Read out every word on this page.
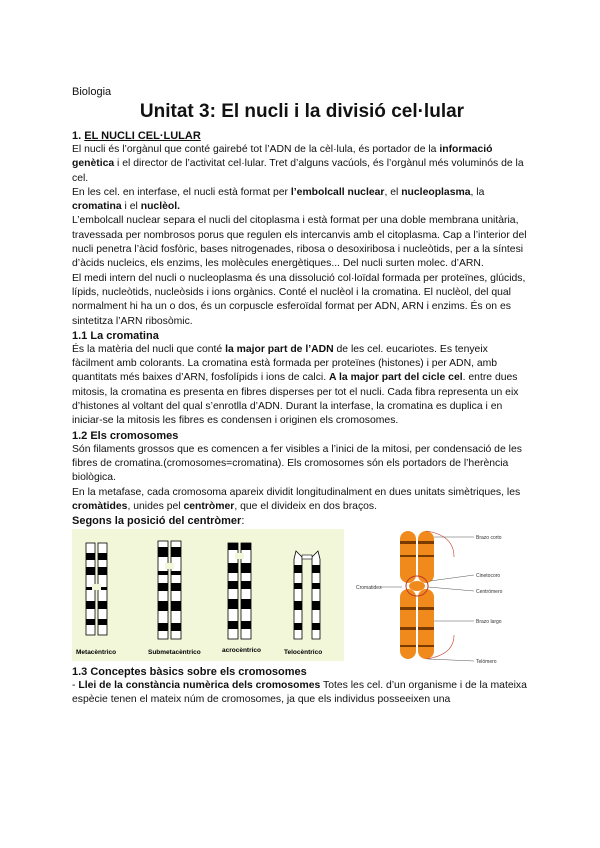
Biologia
Unitat 3: El nucli i la divisió cel·lular
1. EL NUCLI CEL·LULAR

El nucli és l’orgànul que conté gairebé tot l’ADN de la cèl·lula, és portador de la informació genètica i el director de l’activitat cel·lular. Tret d’alguns vacúols, és l’orgànul més voluminós de la cel.

En les cel. en interfase, el nucli està format per l’embolcall nuclear, el nucleoplasma, la cromatina i el nuclèol.

L’embolcall nuclear separa el nucli del citoplasma i està format per una doble membrana unitària, travessada per nombrosos porus que regulen els intercanvis amb el citoplasma. Cap a l’interior del nucli penetra l’àcid fosfòric, bases nitrogenades, ribosa o desoxiribosa i nucleòtids, per a la síntesi d’àcids nucleics, els enzims, les molècules energètiques... Del nucli surten molec. d’ARN.

El medi intern del nucli o nucleoplasma és una dissolució col·loïdal formada per proteïnes, glúcids, lípids, nucleòtids, nucleòsids i ions orgànics. Conté el nuclèol i la cromatina. El nuclèol, del qual normalment hi ha un o dos, és un corpuscle esferoïdal format per ADN, ARN i enzims. És on es sintetitza l’ARN ribosòmic.

1.1 La cromatina

És la matèria del nucli que conté la major part de l’ADN de les cel. eucariotes. Es tenyeix fàcilment amb colorants. La cromatina està formada per proteïnes (histones) i per ADN, amb quantitats més baixes d’ARN, fosfolípids i ions de calci. A la major part del cicle cel. entre dues mitosis, la cromatina es presenta en fibres disperses per tot el nucli. Cada fibra representa un eix d’histones al voltant del qual s’enrotlla d’ADN. Durant la interfase, la cromatina es duplica i en iniciar-se la mitosis les fibres es condensen i originen els cromosomes.

1.2 Els cromosomes

Són filaments grossos que es comencen a fer visibles a l’inici de la mitosi, per condensació de les fibres de cromatina.(cromosomes=cromatina). Els cromosomes són els portadors de l’herència biològica.

En la metafase, cada cromosoma apareix dividit longitudinalment en dues unitats simètriques, les cromàtides, unides pel centròmer, que el divideix en dos braços.

Segons la posició del centròmer:
Metacèntrico	Submetacèntrico	acrocèntrico	Telocèntrico
Brazo corto
Cinetocoro
Cromatides
Centrómero
Brazo largo
Telómero
1.3 Conceptes bàsics sobre els cromosomes

- Llei de la constància numèrica dels cromosomes Totes les cel. d’un organisme i de la mateixa espècie tenen el mateix núm de cromosomes, ja que els individus posseeixen una
